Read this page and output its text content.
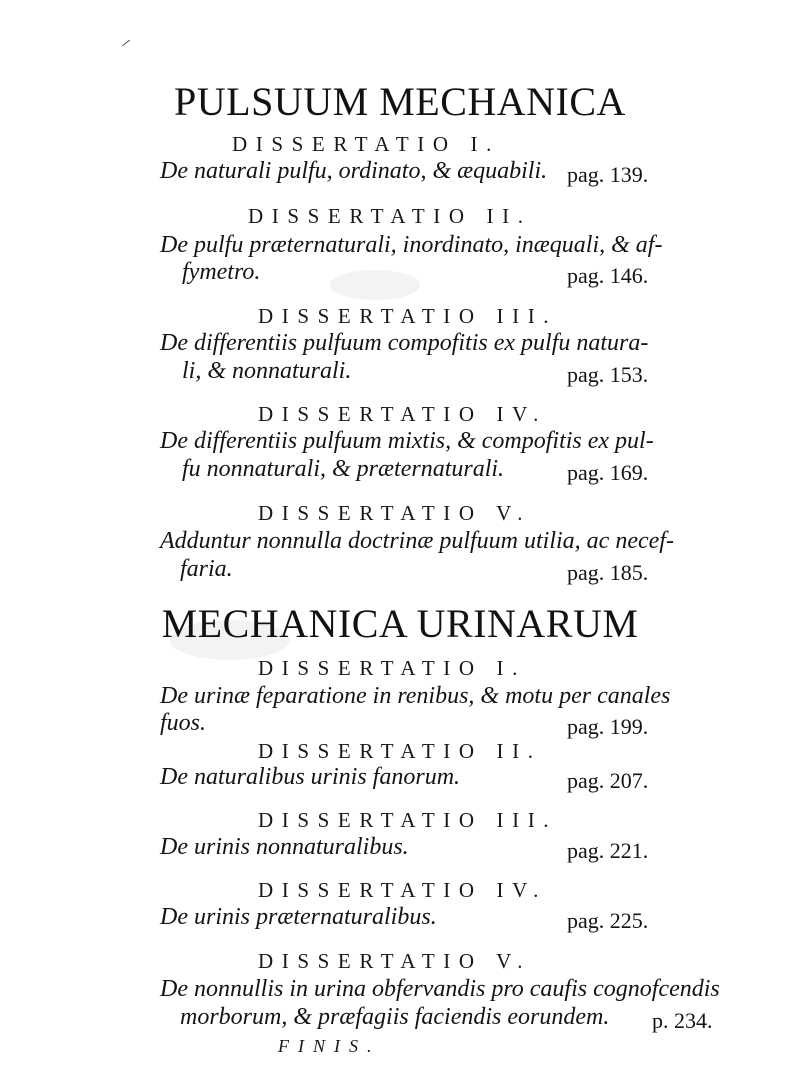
PULSUUM MECHANICA
DISSERTATIO I.
De naturali pulfu, ordinato, & æquabili. pag. 139.
DISSERTATIO II.
De pulfu præternaturali, inordinato, inæquali, & af-
fymetro.	pag. 146.
DISSERTATIO III.
De differentiis pulfuum compofitis ex pulfu natura-
li, & nonnaturali.	pag. 153.
DISSERTATIO IV.
De differentiis pulfuum mixtis, & compofitis ex pul-
fu nonnaturali, & præternaturali.	pag. 169.
DISSERTATIO V.
Adduntur nonnulla doctrinæ pulfuum utilia, ac necef-
faria.	pag. 185.
MECHANICA URINARUM
DISSERTATIO I.
De urinæ feparatione in renibus, & motu per canales
fuos.	pag. 199.
DISSERTATIO II.
De naturalibus urinis fanorum.	pag. 207.
DISSERTATIO III.
De urinis nonnaturalibus.	pag. 221.
DISSERTATIO IV.
De urinis præternaturalibus.	pag. 225.
DISSERTATIO V.
De nonnullis in urina obfervandis pro caufis cognofcendis
morborum, & præfagiis faciendis eorundem. p. 234.
FINIS.
